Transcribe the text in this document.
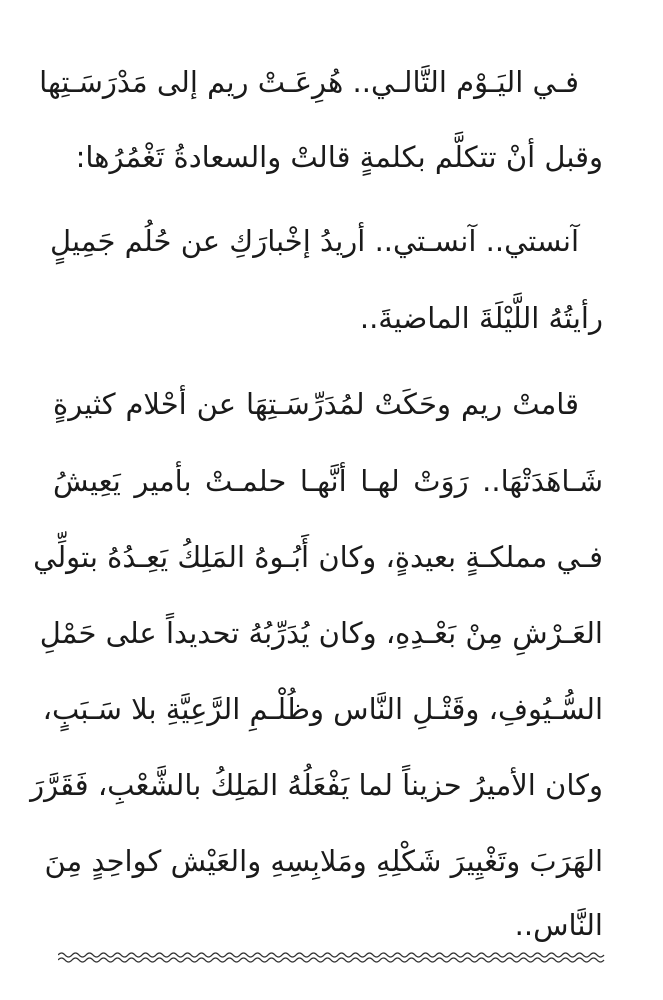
فـي اليَـوْم التَّالـي.. هُرِعَـتْ ريم إلى مَدْرَسَـتِها
وقبل أنْ تتكلَّم بكلمةٍ قالتْ والسعادةُ تَغْمُرُها:
آنستي.. آنسـتي.. أريدُ إخْبارَكِ عن حُلُم جَمِيلٍ
رأيتُهُ اللَّيْلَةَ الماضيةَ..
قامتْ ريم وحَكَتْ لمُدَرِّسَـتِهَا عن أحْلام كثيرةٍ
شَـاهَدَتْهَا.. رَوَتْ لهـا أنَّهـا حلمـتْ بأمير يَعِيشُ
فـي مملكـةٍ بعيدةٍ، وكان أَبُـوهُ المَلِكُ يَعِـدُهُ بتولِّي
العَـرْشِ مِنْ بَعْـدِهِ، وكان يُدَرِّبُهُ تحديداً على حَمْلِ
السُّـيُوفِ، وقَتْـلِ النَّاس وظُلْـمِ الرَّعِيَّةِ بلا سَـبَبٍ،
وكان الأميرُ حزيناً لما يَفْعَلُهُ المَلِكُ بالشَّعْبِ، فَقَرَّرَ
الهَرَبَ وتَغْيِيرَ شَكْلِهِ ومَلابِسِهِ والعَيْش كواحِدٍ مِنَ
النَّاس..
